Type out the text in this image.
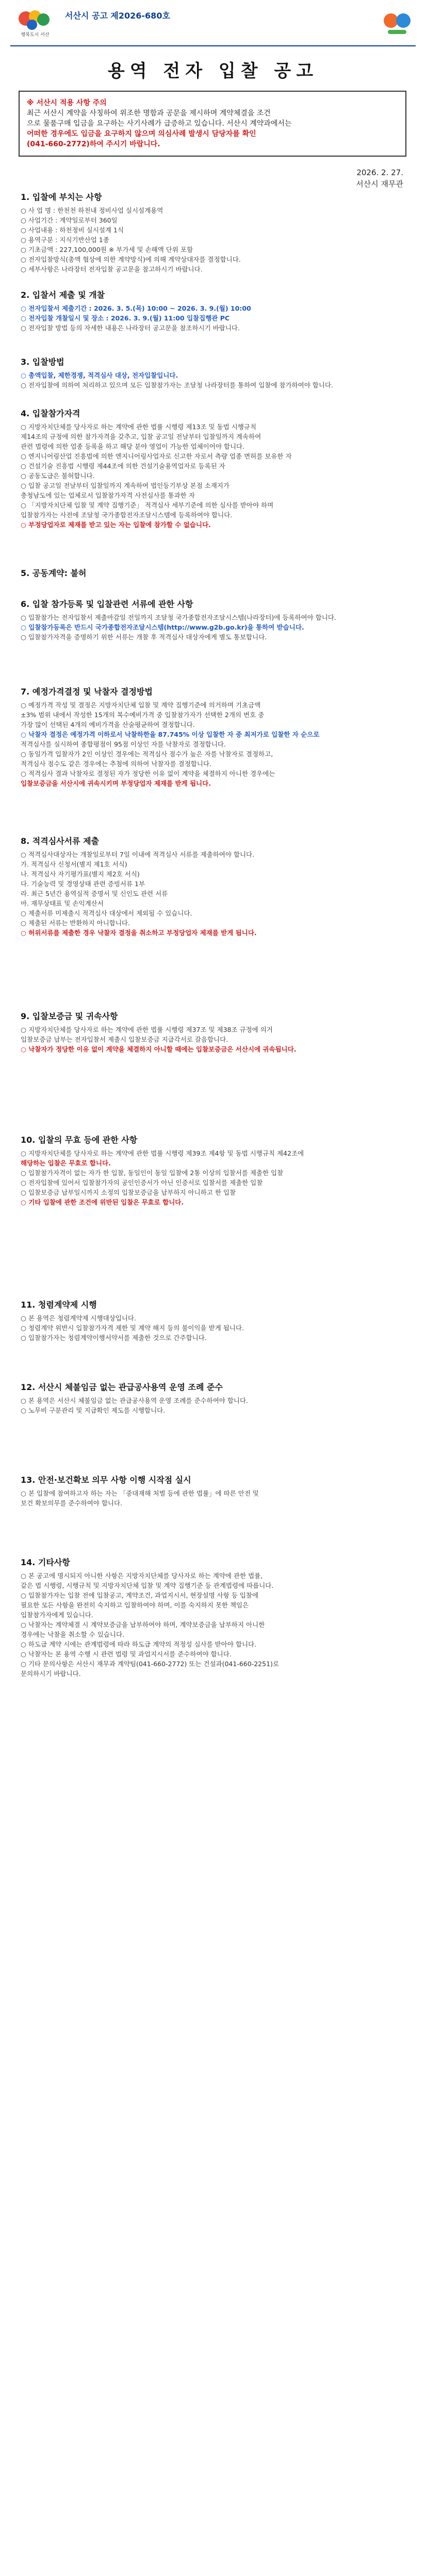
행복도시 서산
서산시 공고 제2026-680호
용역 전자 입찰 공고
※ 서산시 적용 사항 주의
최근 서산시 계약을 사칭하여 위조한 명함과 공문을 제시하며 계약체결을 조건
으로 물품구매 입금을 요구하는 사기사례가 급증하고 있습니다. 서산시 계약과에서는
어떠한 경우에도 입금을 요구하지 않으며 의심사례 발생시 담당자를 확인
(041-660-2772)하여 주시기 바랍니다.
2026. 2. 27.
서산시 재무관
1. 입찰에 부치는 사항

○ 사 업 명 : 한천천 하천내 정비사업 실시설계용역

○ 사업기간 : 계약일로부터 360일

○ 사업내용 : 하천정비 실시설계 1식

○ 용역구분 : 지식기반산업 1종

○ 기초금액 : 227,100,000원 ※ 부가세 및 손해액 단위 포함

○ 전자입찰방식(총액 협상에 의한 계약방식)에 의해 계약상대자를 결정합니다.

○ 세부사항은 나라장터 전자입찰 공고문을 참고하시기 바랍니다.

2. 입찰서 제출 및 개찰

○ 전자입찰서 제출기간 : 2026. 3. 5.(목) 10:00 ~ 2026. 3. 9.(월) 10:00

○ 전자입찰 개찰일시 및 장소 : 2026. 3. 9.(월) 11:00 입찰집행관 PC

○ 전자입찰 방법 등의 자세한 내용은 나라장터 공고문을 참조하시기 바랍니다.

3. 입찰방법

○ 총액입찰, 제한경쟁, 적격심사 대상, 전자입찰입니다.

○ 전자입찰에 의하여 처리하고 있으며 모든 입찰참가자는 조달청 나라장터를 통하여 입찰에 참가하여야 합니다.

4. 입찰참가자격

○ 지방자치단체를 당사자로 하는 계약에 관한 법률 시행령 제13조 및 동법 시행규칙

제14조의 규정에 의한 참가자격을 갖추고, 입찰 공고일 전날부터 입찰일까지 계속하여

관련 법령에 의한 업종 등록을 하고 해당 분야 영업이 가능한 업체이어야 합니다.

○ 엔지니어링산업 진흥법에 의한 엔지니어링사업자로 신고한 자로서 측량 업종 면허를 보유한 자

○ 건설기술 진흥법 시행령 제44조에 의한 건설기술용역업자로 등록된 자

○ 공동도급은 불허합니다.

○ 입찰 공고일 전날부터 입찰일까지 계속하여 법인등기부상 본점 소재지가

충청남도에 있는 업체로서 입찰참가자격 사전심사를 통과한 자

○ 「지방자치단체 입찰 및 계약 집행기준」 적격심사 세부기준에 의한 심사를 받아야 하며

입찰참가자는 사전에 조달청 국가종합전자조달시스템에 등록하여야 합니다.

○ 부정당업자로 제재를 받고 있는 자는 입찰에 참가할 수 없습니다.

5. 공동계약: 불허
6. 입찰 참가등록 및 입찰관련 서류에 관한 사항

○ 입찰참가는 전자입찰서 제출마감일 전일까지 조달청 국가종합전자조달시스템(나라장터)에 등록하여야 합니다.

○ 입찰참가등록은 반드시 국가종합전자조달시스템(http://www.g2b.go.kr)을 통하여 받습니다.

○ 입찰참가자격을 증명하기 위한 서류는 개찰 후 적격심사 대상자에게 별도 통보합니다.

7. 예정가격결정 및 낙찰자 결정방법

○ 예정가격 작성 및 결정은 지방자치단체 입찰 및 계약 집행기준에 의거하며 기초금액

±3% 범위 내에서 작성한 15개의 복수예비가격 중 입찰참가자가 선택한 2개의 번호 중

가장 많이 선택된 4개의 예비가격을 산술평균하여 결정합니다.

○ 낙찰자 결정은 예정가격 이하로서 낙찰하한율 87.745% 이상 입찰한 자 중 최저가로 입찰한 자 순으로

적격심사를 실시하여 종합평점이 95점 이상인 자를 낙찰자로 결정합니다.

○ 동일가격 입찰자가 2인 이상인 경우에는 적격심사 점수가 높은 자를 낙찰자로 결정하고,

적격심사 점수도 같은 경우에는 추첨에 의하여 낙찰자를 결정합니다.

○ 적격심사 결과 낙찰자로 결정된 자가 정당한 이유 없이 계약을 체결하지 아니한 경우에는

입찰보증금을 서산시에 귀속시키며 부정당업자 제재를 받게 됩니다.

8. 적격심사서류 제출

○ 적격심사대상자는 개찰일로부터 7일 이내에 적격심사 서류를 제출하여야 합니다.

가. 적격심사 신청서(별지 제1호 서식)

나. 적격심사 자기평가표(별지 제2호 서식)

다. 기술능력 및 경영상태 관련 증빙서류 1부

라. 최근 5년간 용역실적 증명서 및 신인도 관련 서류

마. 재무상태표 및 손익계산서

○ 제출서류 미제출시 적격심사 대상에서 제외될 수 있습니다.

○ 제출된 서류는 반환하지 아니합니다.

○ 허위서류를 제출한 경우 낙찰자 결정을 취소하고 부정당업자 제재를 받게 됩니다.

9. 입찰보증금 및 귀속사항

○ 지방자치단체를 당사자로 하는 계약에 관한 법률 시행령 제37조 및 제38조 규정에 의거

입찰보증금 납부는 전자입찰서 제출시 입찰보증금 지급각서로 갈음합니다.

○ 낙찰자가 정당한 이유 없이 계약을 체결하지 아니할 때에는 입찰보증금은 서산시에 귀속됩니다.

10. 입찰의 무효 등에 관한 사항

○ 지방자치단체를 당사자로 하는 계약에 관한 법률 시행령 제39조 제4항 및 동법 시행규칙 제42조에

해당하는 입찰은 무효로 합니다.

○ 입찰참가자격이 없는 자가 한 입찰, 동일인이 동일 입찰에 2통 이상의 입찰서를 제출한 입찰

○ 전자입찰에 있어서 입찰참가자의 공인인증서가 아닌 인증서로 입찰서를 제출한 입찰

○ 입찰보증금 납부일시까지 소정의 입찰보증금을 납부하지 아니하고 한 입찰

○ 기타 입찰에 관한 조건에 위반된 입찰은 무효로 합니다.

11. 청렴계약제 시행

○ 본 용역은 청렴계약제 시행대상입니다.

○ 청렴계약 위반시 입찰참가자격 제한 및 계약 해지 등의 불이익을 받게 됩니다.

○ 입찰참가자는 청렴계약이행서약서를 제출한 것으로 간주합니다.

12. 서산시 체불임금 없는 관급공사용역 운영 조례 준수

○ 본 용역은 서산시 체불임금 없는 관급공사용역 운영 조례를 준수하여야 합니다.

○ 노무비 구분관리 및 지급확인 제도를 시행합니다.

13. 안전·보건확보 의무 사항 이행 시작점 실시

○ 본 입찰에 참여하고자 하는 자는 「중대재해 처벌 등에 관한 법률」에 따른 안전 및

보건 확보의무를 준수하여야 합니다.

14. 기타사항

○ 본 공고에 명시되지 아니한 사항은 지방자치단체를 당사자로 하는 계약에 관한 법률,

같은 법 시행령, 시행규칙 및 지방자치단체 입찰 및 계약 집행기준 등 관계법령에 따릅니다.

○ 입찰참가자는 입찰 전에 입찰공고, 계약조건, 과업지시서, 현장설명 사항 등 입찰에

필요한 모든 사항을 완전히 숙지하고 입찰하여야 하며, 이를 숙지하지 못한 책임은

입찰참가자에게 있습니다.

○ 낙찰자는 계약체결 시 계약보증금을 납부하여야 하며, 계약보증금을 납부하지 아니한

경우에는 낙찰을 취소할 수 있습니다.

○ 하도급 계약 시에는 관계법령에 따라 하도급 계약의 적정성 심사를 받아야 합니다.

○ 낙찰자는 본 용역 수행 시 관련 법령 및 과업지시서를 준수하여야 합니다.

○ 기타 문의사항은 서산시 재무과 계약팀(041-660-2772) 또는 건설과(041-660-2251)로

문의하시기 바랍니다.
